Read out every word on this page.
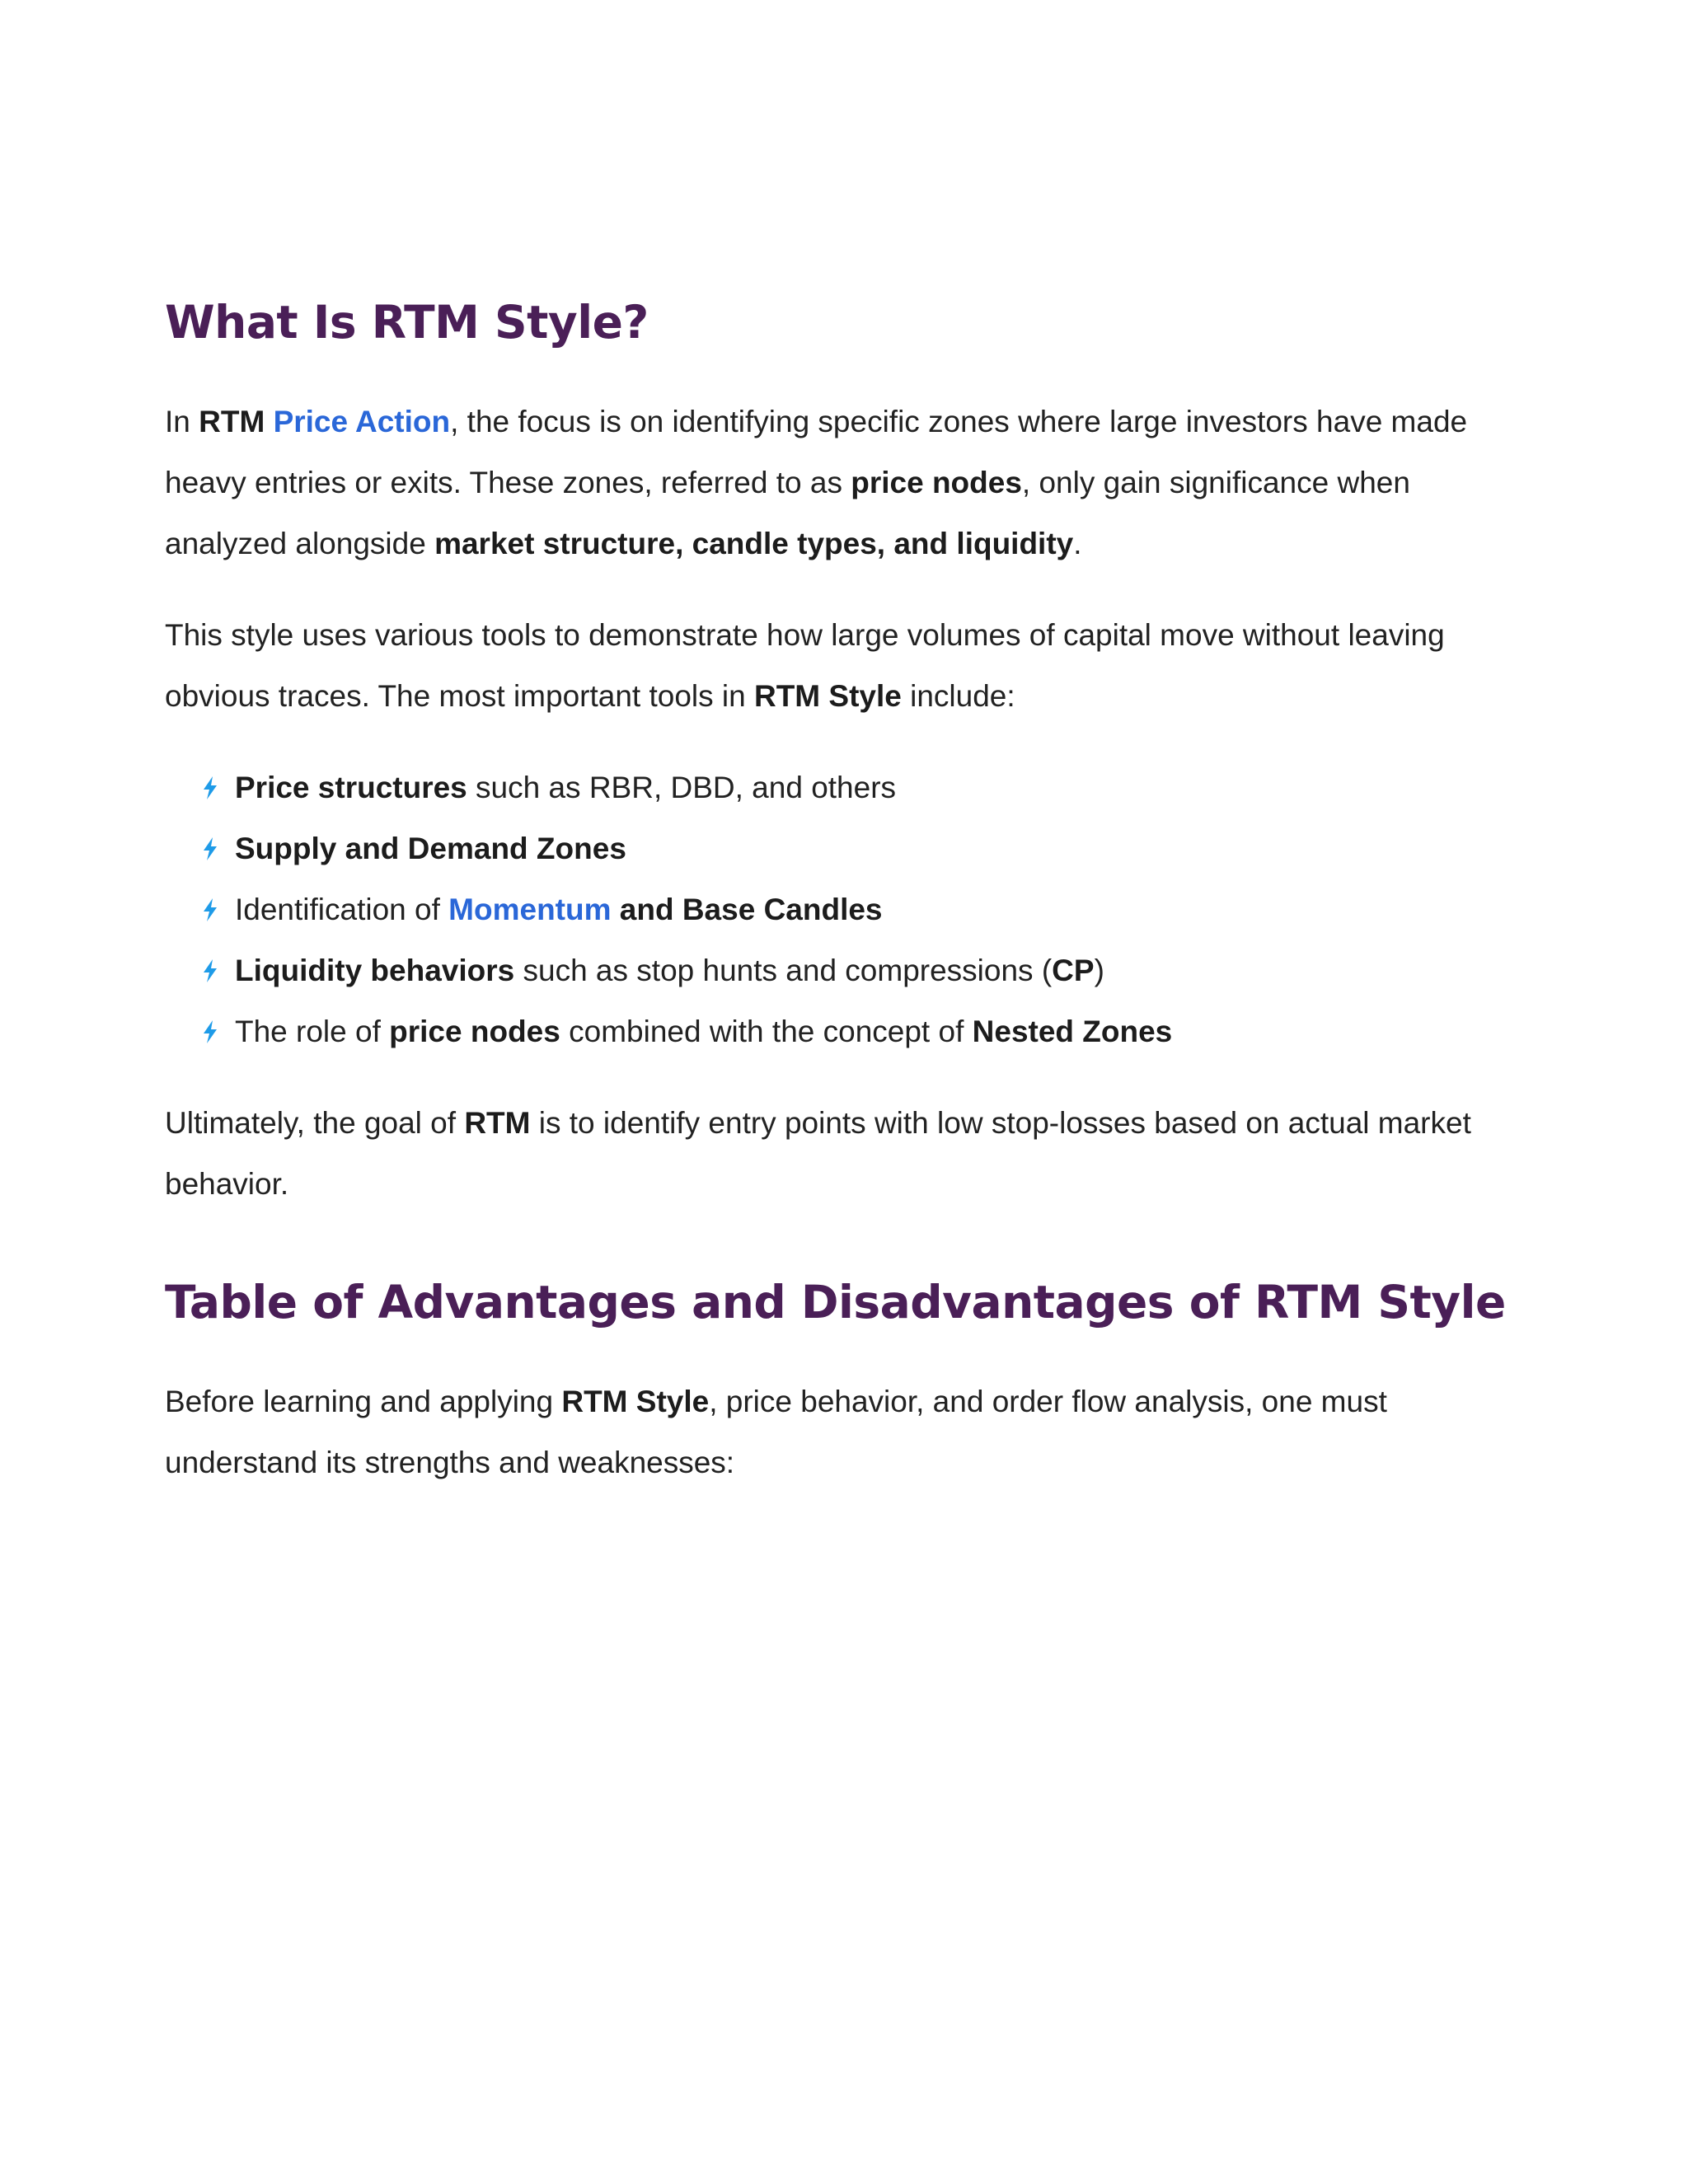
What Is RTM Style?

In RTM Price Action, the focus is on identifying specific zones where large investors have made heavy entries or exits. These zones, referred to as price nodes, only gain significance when analyzed alongside market structure, candle types, and liquidity.

This style uses various tools to demonstrate how large volumes of capital move without leaving obvious traces. The most important tools in RTM Style include:

Price structures such as RBR, DBD, and others
Supply and Demand Zones
Identification of Momentum and Base Candles
Liquidity behaviors such as stop hunts and compressions (CP)
The role of price nodes combined with the concept of Nested Zones

Ultimately, the goal of RTM is to identify entry points with low stop-losses based on actual market behavior.

Table of Advantages and Disadvantages of RTM Style

Before learning and applying RTM Style, price behavior, and order flow analysis, one must understand its strengths and weaknesses:
